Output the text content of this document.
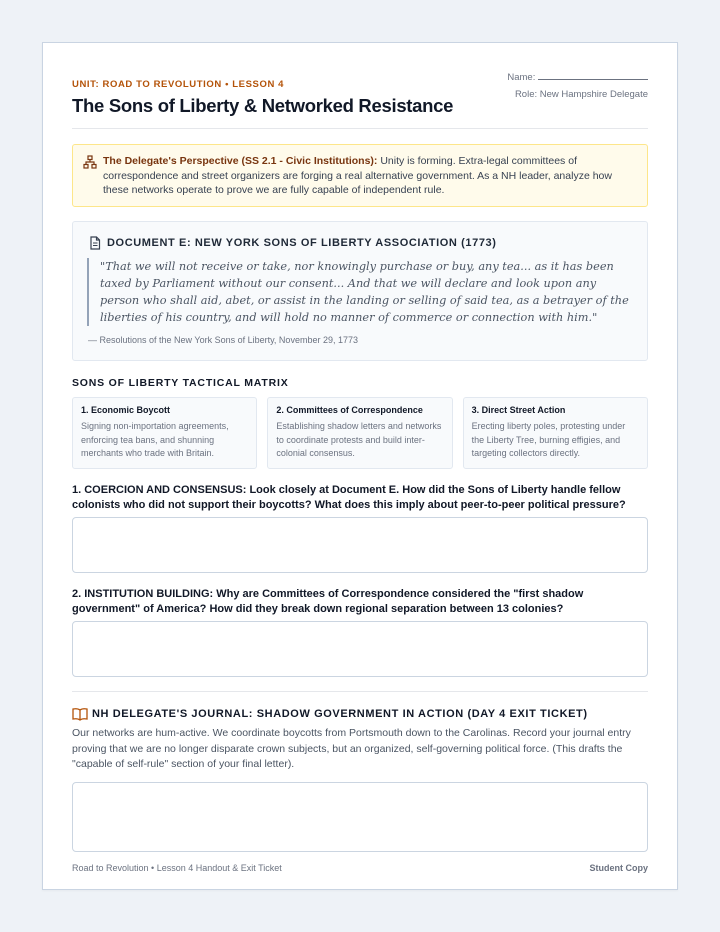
UNIT: ROAD TO REVOLUTION • LESSON 4
The Sons of Liberty & Networked Resistance
Name:
Role: New Hampshire Delegate
The Delegate's Perspective (SS 2.1 - Civic Institutions): Unity is forming. Extra-legal committees of correspondence and street organizers are forging a real alternative government. As a NH leader, analyze how these networks operate to prove we are fully capable of independent rule.
DOCUMENT E: NEW YORK SONS OF LIBERTY ASSOCIATION (1773)
"That we will not receive or take, nor knowingly purchase or buy, any tea... as it has been taxed by Parliament without our consent... And that we will declare and look upon any person who shall aid, abet, or assist in the landing or selling of said tea, as a betrayer of the liberties of his country, and will hold no manner of commerce or connection with him."
— Resolutions of the New York Sons of Liberty, November 29, 1773
SONS OF LIBERTY TACTICAL MATRIX
1. Economic Boycott
Signing non-importation agreements, enforcing tea bans, and shunning merchants who trade with Britain.
2. Committees of Correspondence
Establishing shadow letters and networks to coordinate protests and build inter-colonial consensus.
3. Direct Street Action
Erecting liberty poles, protesting under the Liberty Tree, burning effigies, and targeting collectors directly.
1. COERCION AND CONSENSUS: Look closely at Document E. How did the Sons of Liberty handle fellow colonists who did not support their boycotts? What does this imply about peer-to-peer political pressure?
2. INSTITUTION BUILDING: Why are Committees of Correspondence considered the "first shadow government" of America? How did they break down regional separation between 13 colonies?
NH DELEGATE'S JOURNAL: SHADOW GOVERNMENT IN ACTION (DAY 4 EXIT TICKET)
Our networks are hum-active. We coordinate boycotts from Portsmouth down to the Carolinas. Record your journal entry proving that we are no longer disparate crown subjects, but an organized, self-governing political force. (This drafts the "capable of self-rule" section of your final letter).
Road to Revolution • Lesson 4 Handout & Exit Ticket	Student Copy
